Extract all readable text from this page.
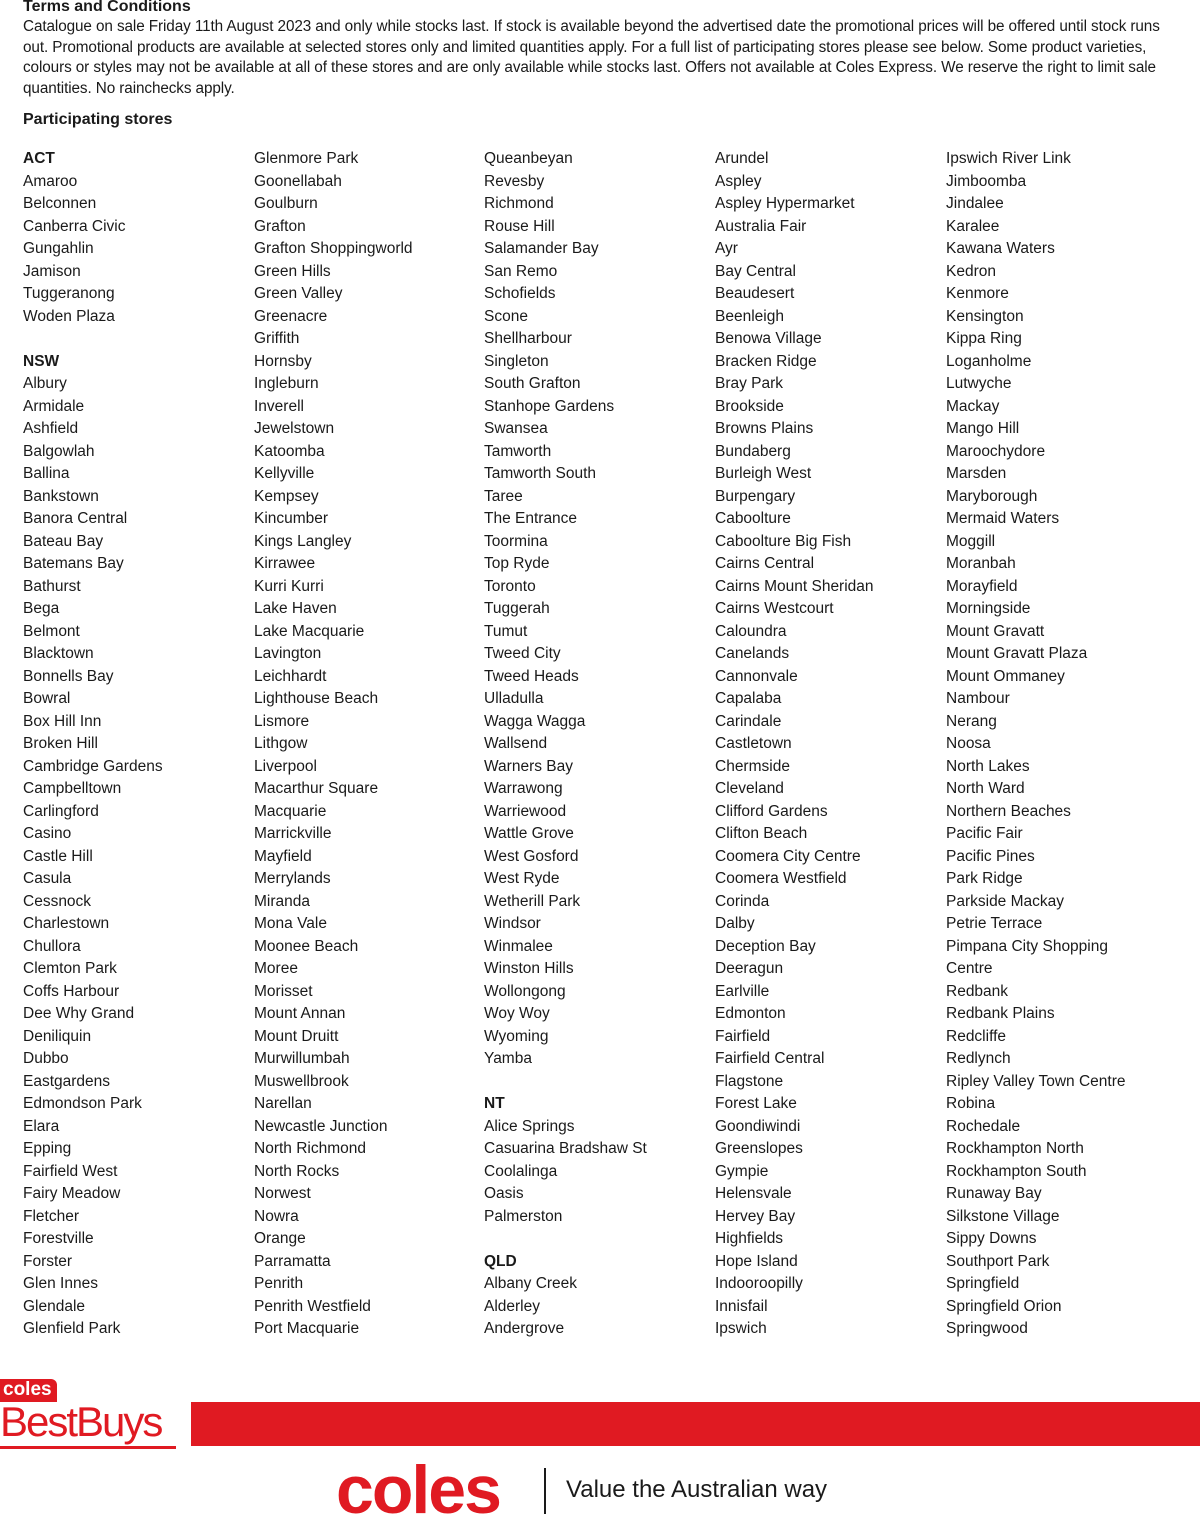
Terms and Conditions

Catalogue on sale Friday 11th August 2023 and only while stocks last. If stock is available beyond the advertised date the promotional prices will be offered until stock runs out. Promotional products are available at selected stores only and limited quantities apply. For a full list of participating stores please see below. Some product varieties, colours or styles may not be available at all of these stores and are only available while stocks last. Offers not available at Coles Express. We reserve the right to limit sale quantities. No rainchecks apply.

Participating stores
ACT
Amaroo
Belconnen
Canberra Civic
Gungahlin
Jamison
Tuggeranong
Woden Plaza
NSW
Albury
Armidale
Ashfield
Balgowlah
Ballina
Bankstown
Banora Central
Bateau Bay
Batemans Bay
Bathurst
Bega
Belmont
Blacktown
Bonnells Bay
Bowral
Box Hill Inn
Broken Hill
Cambridge Gardens
Campbelltown
Carlingford
Casino
Castle Hill
Casula
Cessnock
Charlestown
Chullora
Clemton Park
Coffs Harbour
Dee Why Grand
Deniliquin
Dubbo
Eastgardens
Edmondson Park
Elara
Epping
Fairfield West
Fairy Meadow
Fletcher
Forestville
Forster
Glen Innes
Glendale
Glenfield Park
Glenmore Park
Goonellabah
Goulburn
Grafton
Grafton Shoppingworld
Green Hills
Green Valley
Greenacre
Griffith
Hornsby
Ingleburn
Inverell
Jewelstown
Katoomba
Kellyville
Kempsey
Kincumber
Kings Langley
Kirrawee
Kurri Kurri
Lake Haven
Lake Macquarie
Lavington
Leichhardt
Lighthouse Beach
Lismore
Lithgow
Liverpool
Macarthur Square
Macquarie
Marrickville
Mayfield
Merrylands
Miranda
Mona Vale
Moonee Beach
Moree
Morisset
Mount Annan
Mount Druitt
Murwillumbah
Muswellbrook
Narellan
Newcastle Junction
North Richmond
North Rocks
Norwest
Nowra
Orange
Parramatta
Penrith
Penrith Westfield
Port Macquarie
Queanbeyan
Revesby
Richmond
Rouse Hill
Salamander Bay
San Remo
Schofields
Scone
Shellharbour
Singleton
South Grafton
Stanhope Gardens
Swansea
Tamworth
Tamworth South
Taree
The Entrance
Toormina
Top Ryde
Toronto
Tuggerah
Tumut
Tweed City
Tweed Heads
Ulladulla
Wagga Wagga
Wallsend
Warners Bay
Warrawong
Warriewood
Wattle Grove
West Gosford
West Ryde
Wetherill Park
Windsor
Winmalee
Winston Hills
Wollongong
Woy Woy
Wyoming
Yamba
NT
Alice Springs
Casuarina Bradshaw St
Coolalinga
Oasis
Palmerston
QLD
Albany Creek
Alderley
Andergrove
Arundel
Aspley
Aspley Hypermarket
Australia Fair
Ayr
Bay Central
Beaudesert
Beenleigh
Benowa Village
Bracken Ridge
Bray Park
Brookside
Browns Plains
Bundaberg
Burleigh West
Burpengary
Caboolture
Caboolture Big Fish
Cairns Central
Cairns Mount Sheridan
Cairns Westcourt
Caloundra
Canelands
Cannonvale
Capalaba
Carindale
Castletown
Chermside
Cleveland
Clifford Gardens
Clifton Beach
Coomera City Centre
Coomera Westfield
Corinda
Dalby
Deception Bay
Deeragun
Earlville
Edmonton
Fairfield
Fairfield Central
Flagstone
Forest Lake
Goondiwindi
Greenslopes
Gympie
Helensvale
Hervey Bay
Highfields
Hope Island
Indooroopilly
Innisfail
Ipswich
Ipswich River Link
Jimboomba
Jindalee
Karalee
Kawana Waters
Kedron
Kenmore
Kensington
Kippa Ring
Loganholme
Lutwyche
Mackay
Mango Hill
Maroochydore
Marsden
Maryborough
Mermaid Waters
Moggill
Moranbah
Morayfield
Morningside
Mount Gravatt
Mount Gravatt Plaza
Mount Ommaney
Nambour
Nerang
Noosa
North Lakes
North Ward
Northern Beaches
Pacific Fair
Pacific Pines
Park Ridge
Parkside Mackay
Petrie Terrace
Pimpana City Shopping
Centre
Redbank
Redbank Plains
Redcliffe
Redlynch
Ripley Valley Town Centre
Robina
Rochedale
Rockhampton North
Rockhampton South
Runaway Bay
Silkstone Village
Sippy Downs
Southport Park
Springfield
Springfield Orion
Springwood
coles
BestBuys
coles	Value the Australian way
